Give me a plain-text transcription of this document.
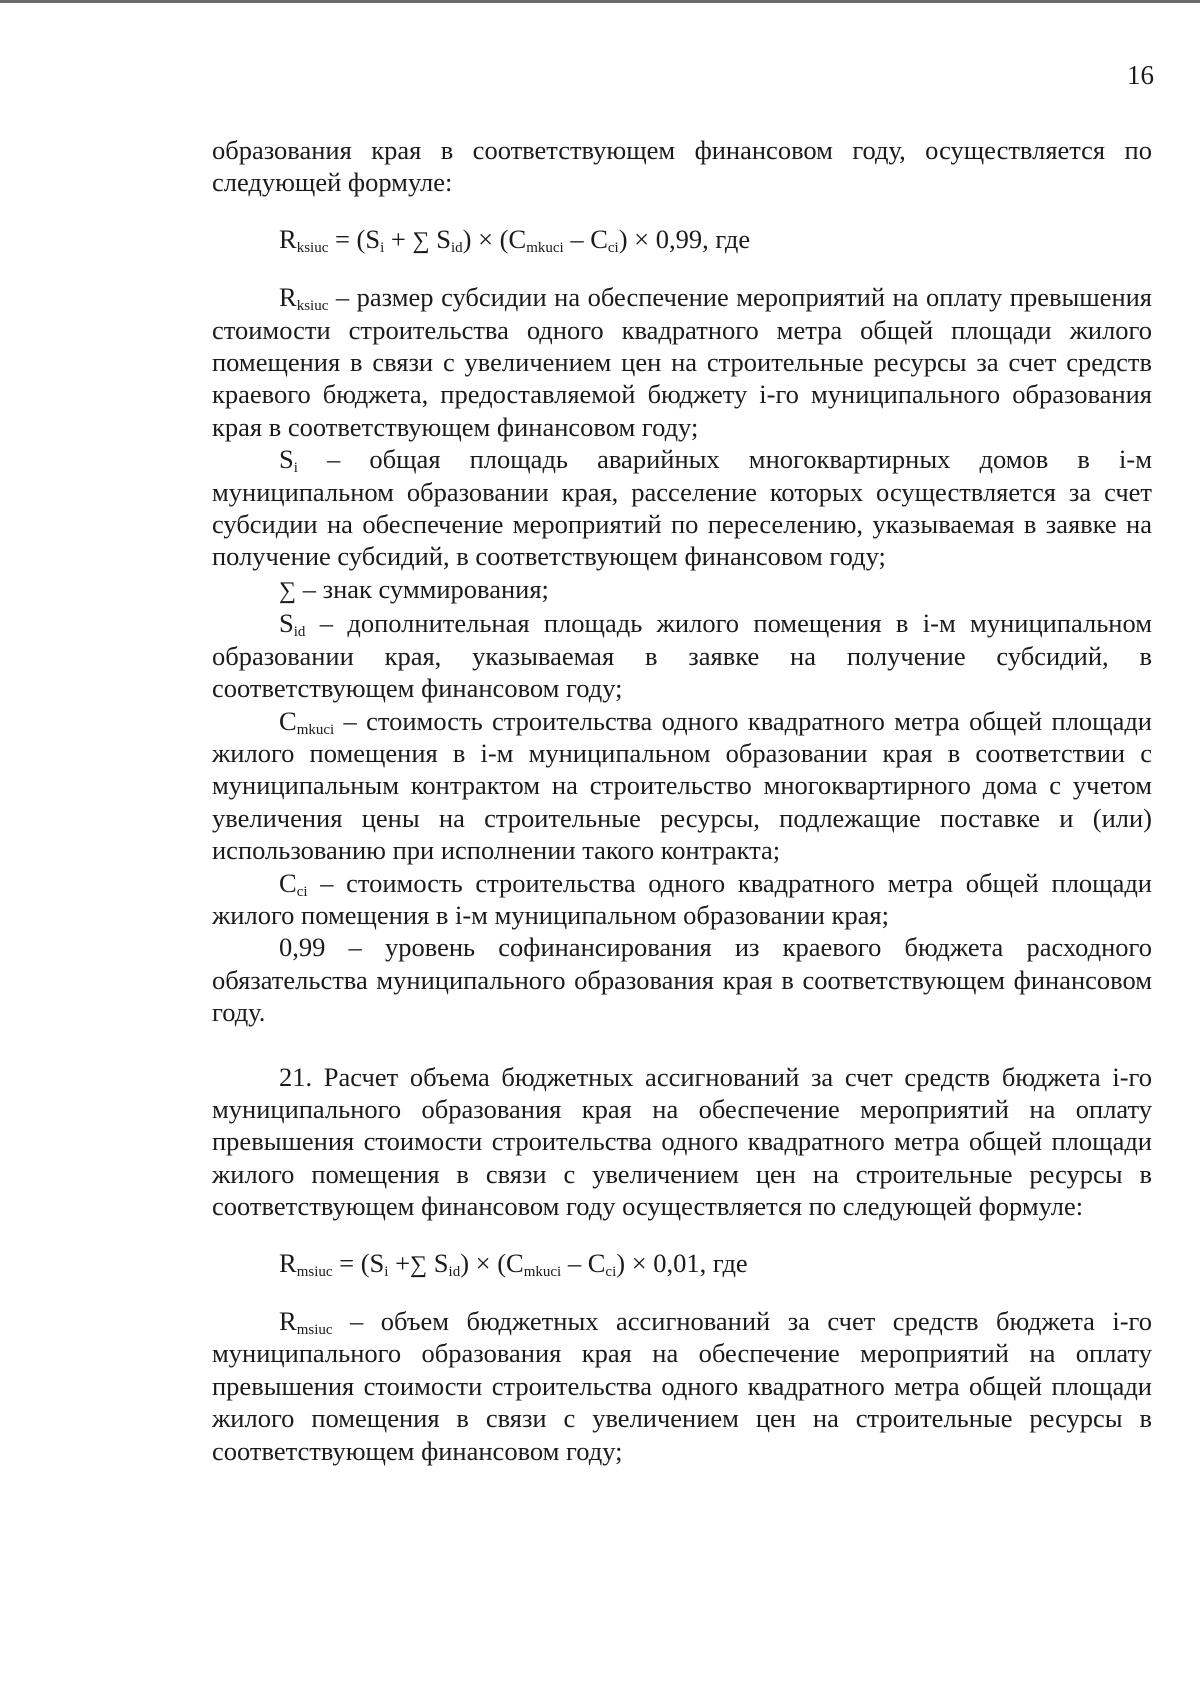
16

образования края в соответствующем финансовом году, осуществляется по следующей формуле:

$R_{ksiuc} = (S_i$ + ∑ $S_{id}) \times (C_{mkuci} - C_{ci}) \times 0,99$, где

$R_{ksiuc}$ – размер субсидии на обеспечение мероприятий на оплату превышения стоимости строительства одного квадратного метра общей площади жилого помещения в связи с увеличением цен на строительные ресурсы за счет средств краевого бюджета, предоставляемой бюджету i-го муниципального образования края в соответствующем финансовом году;

$S_i$ – общая площадь аварийных многоквартирных домов в i-м муниципальном образовании края, расселение которых осуществляется за счет субсидии на обеспечение мероприятий по переселению, указываемая в заявке на получение субсидий, в соответствующем финансовом году;

∑ – знак суммирования;

$S_{id}$ – дополнительная площадь жилого помещения в i-м муниципальном образовании края, указываемая в заявке на получение субсидий, в соответствующем финансовом году;

$C_{mkuci}$ – стоимость строительства одного квадратного метра общей площади жилого помещения в i-м муниципальном образовании края в соответствии с муниципальным контрактом на строительство многоквартирного дома с учетом увеличения цены на строительные ресурсы, подлежащие поставке и (или) использованию при исполнении такого контракта;

$C_{ci}$ – стоимость строительства одного квадратного метра общей площади жилого помещения в i-м муниципальном образовании края;

0,99 – уровень софинансирования из краевого бюджета расходного обязательства муниципального образования края в соответствующем финансовом году.

21. Расчет объема бюджетных ассигнований за счет средств бюджета i-го муниципального образования края на обеспечение мероприятий на оплату превышения стоимости строительства одного квадратного метра общей площади жилого помещения в связи с увеличением цен на строительные ресурсы в соответствующем финансовом году осуществляется по следующей формуле:

$R_{msiuc} = (S_i$ +∑ $S_{id}) \times (C_{mkuci} - C_{ci}) \times 0,01$, где

$R_{msiuc}$ – объем бюджетных ассигнований за счет средств бюджета i-го муниципального образования края на обеспечение мероприятий на оплату превышения стоимости строительства одного квадратного метра общей площади жилого помещения в связи с увеличением цен на строительные ресурсы в соответствующем финансовом году;
